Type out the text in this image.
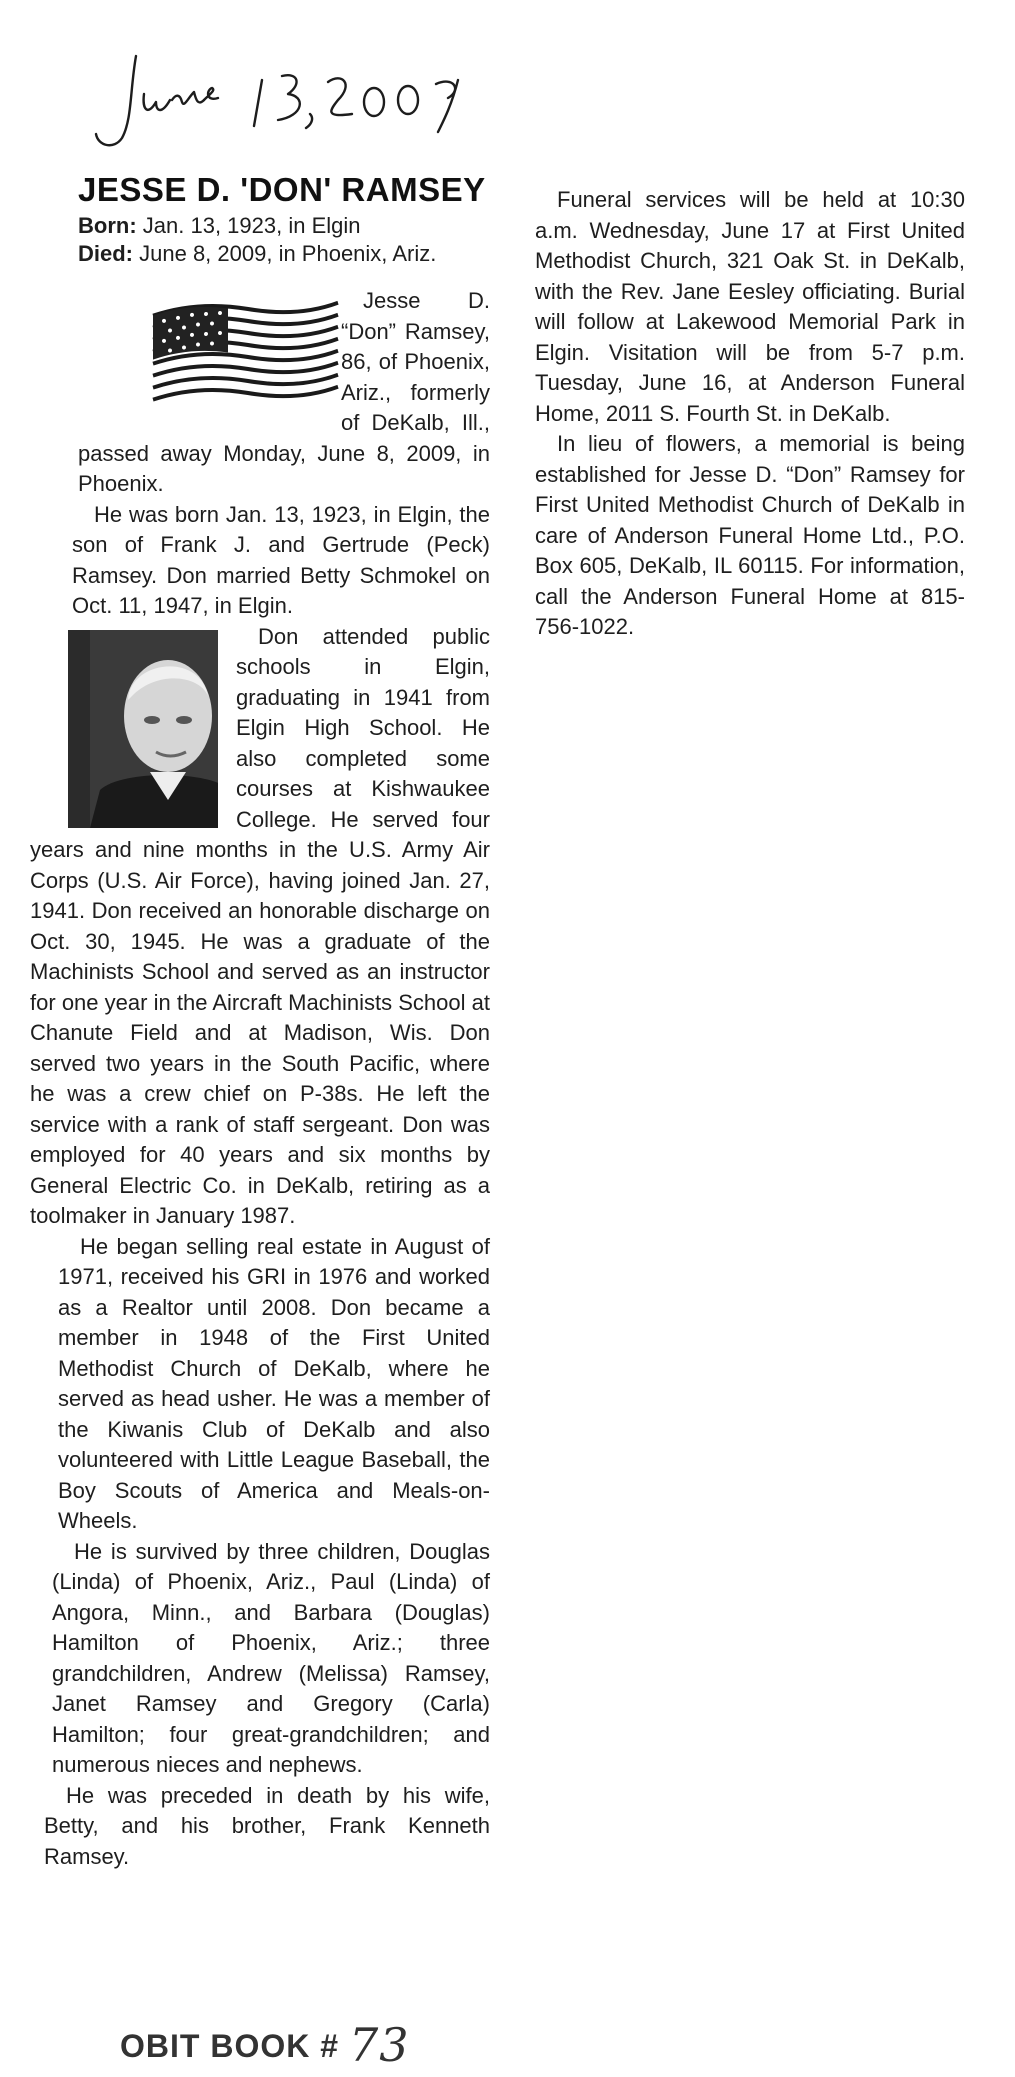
JESSE D. 'DON' RAMSEY
Born: Jan. 13, 1923, in Elgin
Died: June 8, 2009, in Phoenix, Ariz.

Jesse D. “Don” Ramsey, 86, of Phoenix, Ariz., formerly of DeKalb, Ill., passed away Monday, June 8, 2009, in Phoenix.

He was born Jan. 13, 1923, in Elgin, the son of Frank J. and Gertrude (Peck) Ramsey. Don married Betty Schmokel on Oct. 11, 1947, in Elgin.

Don attended public schools in Elgin, graduating in 1941 from Elgin High School. He also completed some courses at Kishwaukee College. He served four years and nine months in the U.S. Army Air Corps (U.S. Air Force), having joined Jan. 27, 1941. Don received an honorable discharge on Oct. 30, 1945. He was a graduate of the Machinists School and served as an instructor for one year in the Aircraft Machinists School at Chanute Field and at Madison, Wis. Don served two years in the South Pacific, where he was a crew chief on P-38s. He left the service with a rank of staff sergeant. Don was employed for 40 years and six months by General Electric Co. in DeKalb, retiring as a toolmaker in January 1987.

He began selling real estate in August of 1971, received his GRI in 1976 and worked as a Realtor until 2008. Don became a member in 1948 of the First United Methodist Church of DeKalb, where he served as head usher. He was a member of the Kiwanis Club of DeKalb and also volunteered with Little League Baseball, the Boy Scouts of America and Meals-on-Wheels.

He is survived by three children, Douglas (Linda) of Phoenix, Ariz., Paul (Linda) of Angora, Minn., and Barbara (Douglas) Hamilton of Phoenix, Ariz.; three grandchildren, Andrew (Melissa) Ramsey, Janet Ramsey and Gregory (Carla) Hamilton; four great-grandchildren; and numerous nieces and nephews.

He was preceded in death by his wife, Betty, and his brother, Frank Kenneth Ramsey.

Funeral services will be held at 10:30 a.m. Wednesday, June 17 at First United Methodist Church, 321 Oak St. in DeKalb, with the Rev. Jane Eesley officiating. Burial will follow at Lakewood Memorial Park in Elgin. Visitation will be from 5-7 p.m. Tuesday, June 16, at Anderson Funeral Home, 2011 S. Fourth St. in DeKalb.

In lieu of flowers, a memorial is being established for Jesse D. “Don” Ramsey for First United Methodist Church of DeKalb in care of Anderson Funeral Home Ltd., P.O. Box 605, DeKalb, IL 60115. For information, call the Anderson Funeral Home at 815-756-1022.

OBIT BOOK # 73
